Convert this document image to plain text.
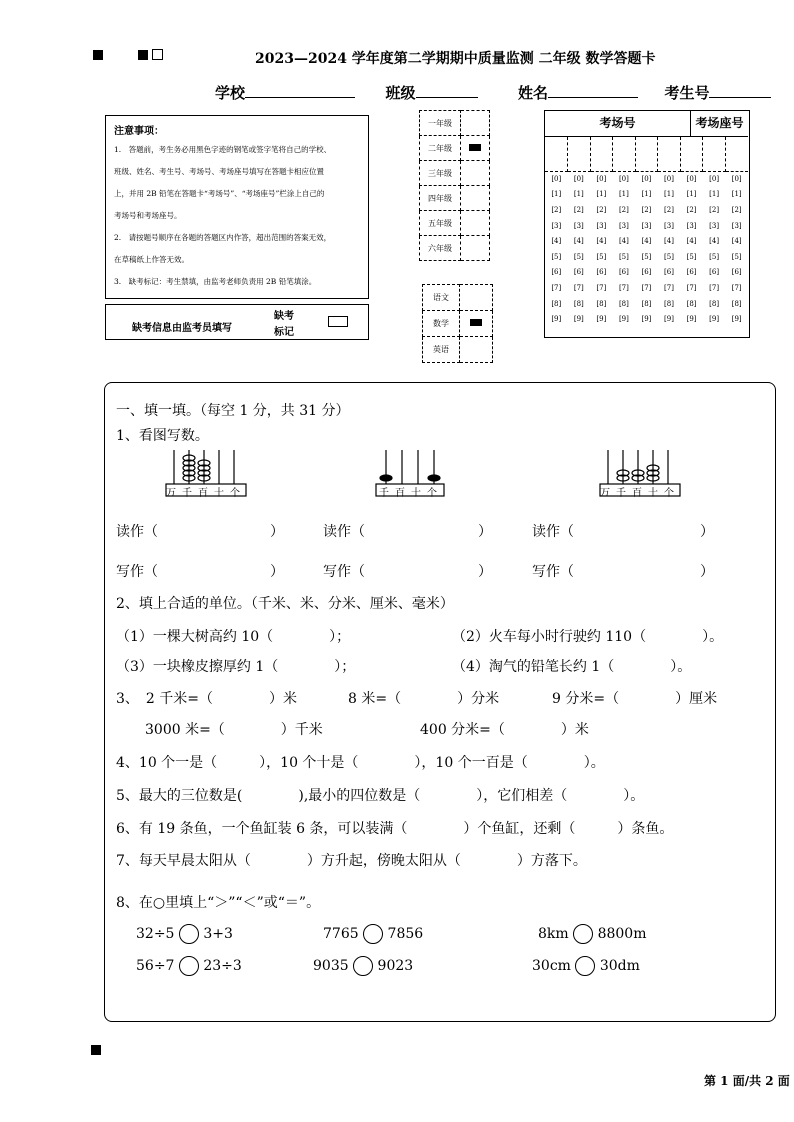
2023—2024 学年度第二学期期中质量监测 二年级 数学答题卡
学校	班级	姓名	考生号
注意事项：

1.　答题前，考生务必用黑色字迹的钢笔或签字笔将自己的学校、

班级、姓名、考生号、考场号、考场座号填写在答题卡相应位置

上，并用 2B 铅笔在答题卡“考场号”、“考场座号”栏涂上自己的

考场号和考场座号。

2.　请按题号顺序在各题的答题区内作答，超出范围的答案无效，

在草稿纸上作答无效。

3.　缺考标记：考生禁填，由监考老师负责用 2B 铅笔填涂。

缺考信息由监考员填写
缺考
标记
一年级	
二年级	
三年级	
四年级	
五年级	
六年级	
语文	
数学	
英语	
考场号	考场座号

[0]	[0]	[0]	[0]	[0]	[0]	[0]	[0]	[0]
[1]	[1]	[1]	[1]	[1]	[1]	[1]	[1]	[1]
[2]	[2]	[2]	[2]	[2]	[2]	[2]	[2]	[2]
[3]	[3]	[3]	[3]	[3]	[3]	[3]	[3]	[3]
[4]	[4]	[4]	[4]	[4]	[4]	[4]	[4]	[4]
[5]	[5]	[5]	[5]	[5]	[5]	[5]	[5]	[5]
[6]	[6]	[6]	[6]	[6]	[6]	[6]	[6]	[6]
[7]	[7]	[7]	[7]	[7]	[7]	[7]	[7]	[7]
[8]	[8]	[8]	[8]	[8]	[8]	[8]	[8]	[8]
[9]	[9]	[9]	[9]	[9]	[9]	[9]	[9]	[9]
一、填一填。（每空 1 分，共 31 分）
1、看图写数。
万千百十个	千百十个	万千百十个
读作（	）	读作（	）	读作（	）
写作（	）	写作（	）	写作（	）
2、填上合适的单位。（千米、米、分米、厘米、毫米）
（1）一棵大树高约 10（　　　　）；	（2）火车每小时行驶约 110（　　　　）。
（3）一块橡皮擦厚约 1（　　　　）；	（4）淘气的铅笔长约 1（　　　　）。
3、　2 千米=（　　　　）米	8 米=（　　　　）分米	9 分米=（　　　　）厘米
3000 米=（　　　　）千米	400 分米=（　　　　）米
4、10 个一是（　　　），10 个十是（　　　　），10 个一百是（　　　　）。
5、最大的三位数是(　　　　),最小的四位数是（　　　　），它们相差（　　　　）。
6、有 19 条鱼，一个鱼缸装 6 条，可以装满（　　　　）个鱼缸，还剩（　　　）条鱼。
7、每天早晨太阳从（　　　　）方升起，傍晚太阳从（　　　　）方落下。
8、在○里填上“＞”“＜”或“＝”。
32÷5 3+3	7765 7856	8km 8800m
56÷7 23÷3	9035 9023	30cm 30dm
第 1 面/共 2 面
